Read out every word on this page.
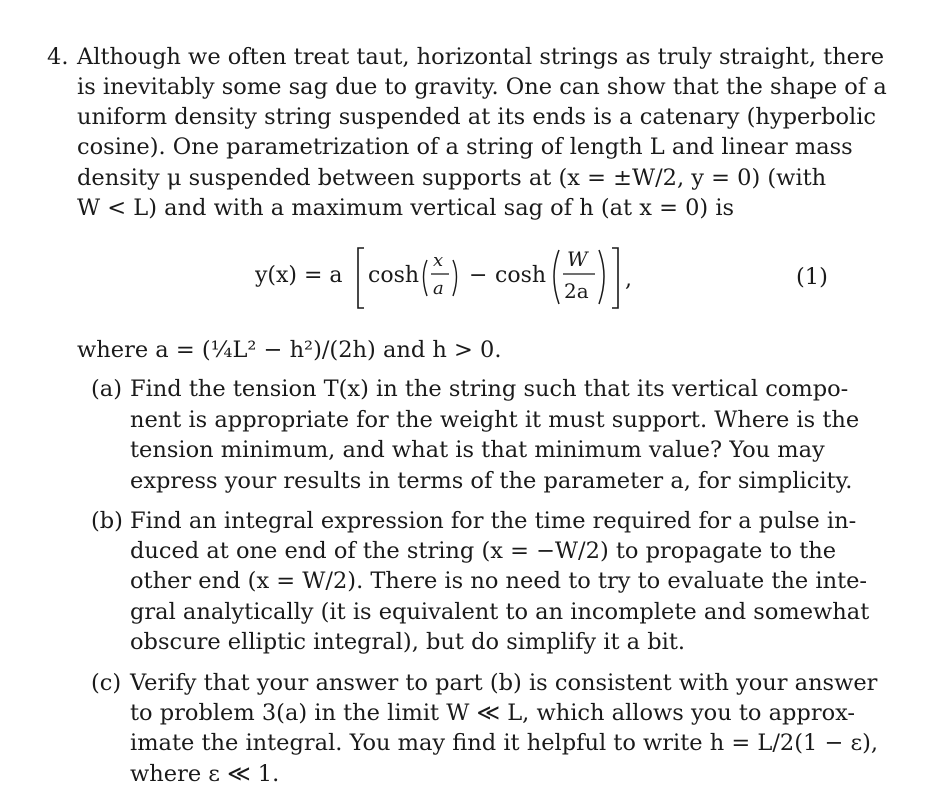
4. Although we often treat taut, horizontal strings as truly straight, there
is inevitably some sag due to gravity. One can show that the shape of a
uniform density string suspended at its ends is a catenary (hyperbolic
cosine). One parametrization of a string of length L and linear mass
density μ suspended between supports at (x = ±W/2, y = 0) (with
W < L) and with a maximum vertical sag of h (at x = 0) is
y(x) = a cosh
x
a
− cosh
W
2a ,	(1)
where a = (¼L² − h²)/(2h) and h > 0.
(a) Find the tension T(x) in the string such that its vertical compo-
nent is appropriate for the weight it must support. Where is the
tension minimum, and what is that minimum value? You may
express your results in terms of the parameter a, for simplicity.
(b) Find an integral expression for the time required for a pulse in-
duced at one end of the string (x = −W/2) to propagate to the
other end (x = W/2). There is no need to try to evaluate the inte-
gral analytically (it is equivalent to an incomplete and somewhat
obscure elliptic integral), but do simplify it a bit.
(c) Verify that your answer to part (b) is consistent with your answer
to problem 3(a) in the limit W ≪ L, which allows you to approx-
imate the integral. You may find it helpful to write h = L/2(1 − ε),
where ε ≪ 1.
